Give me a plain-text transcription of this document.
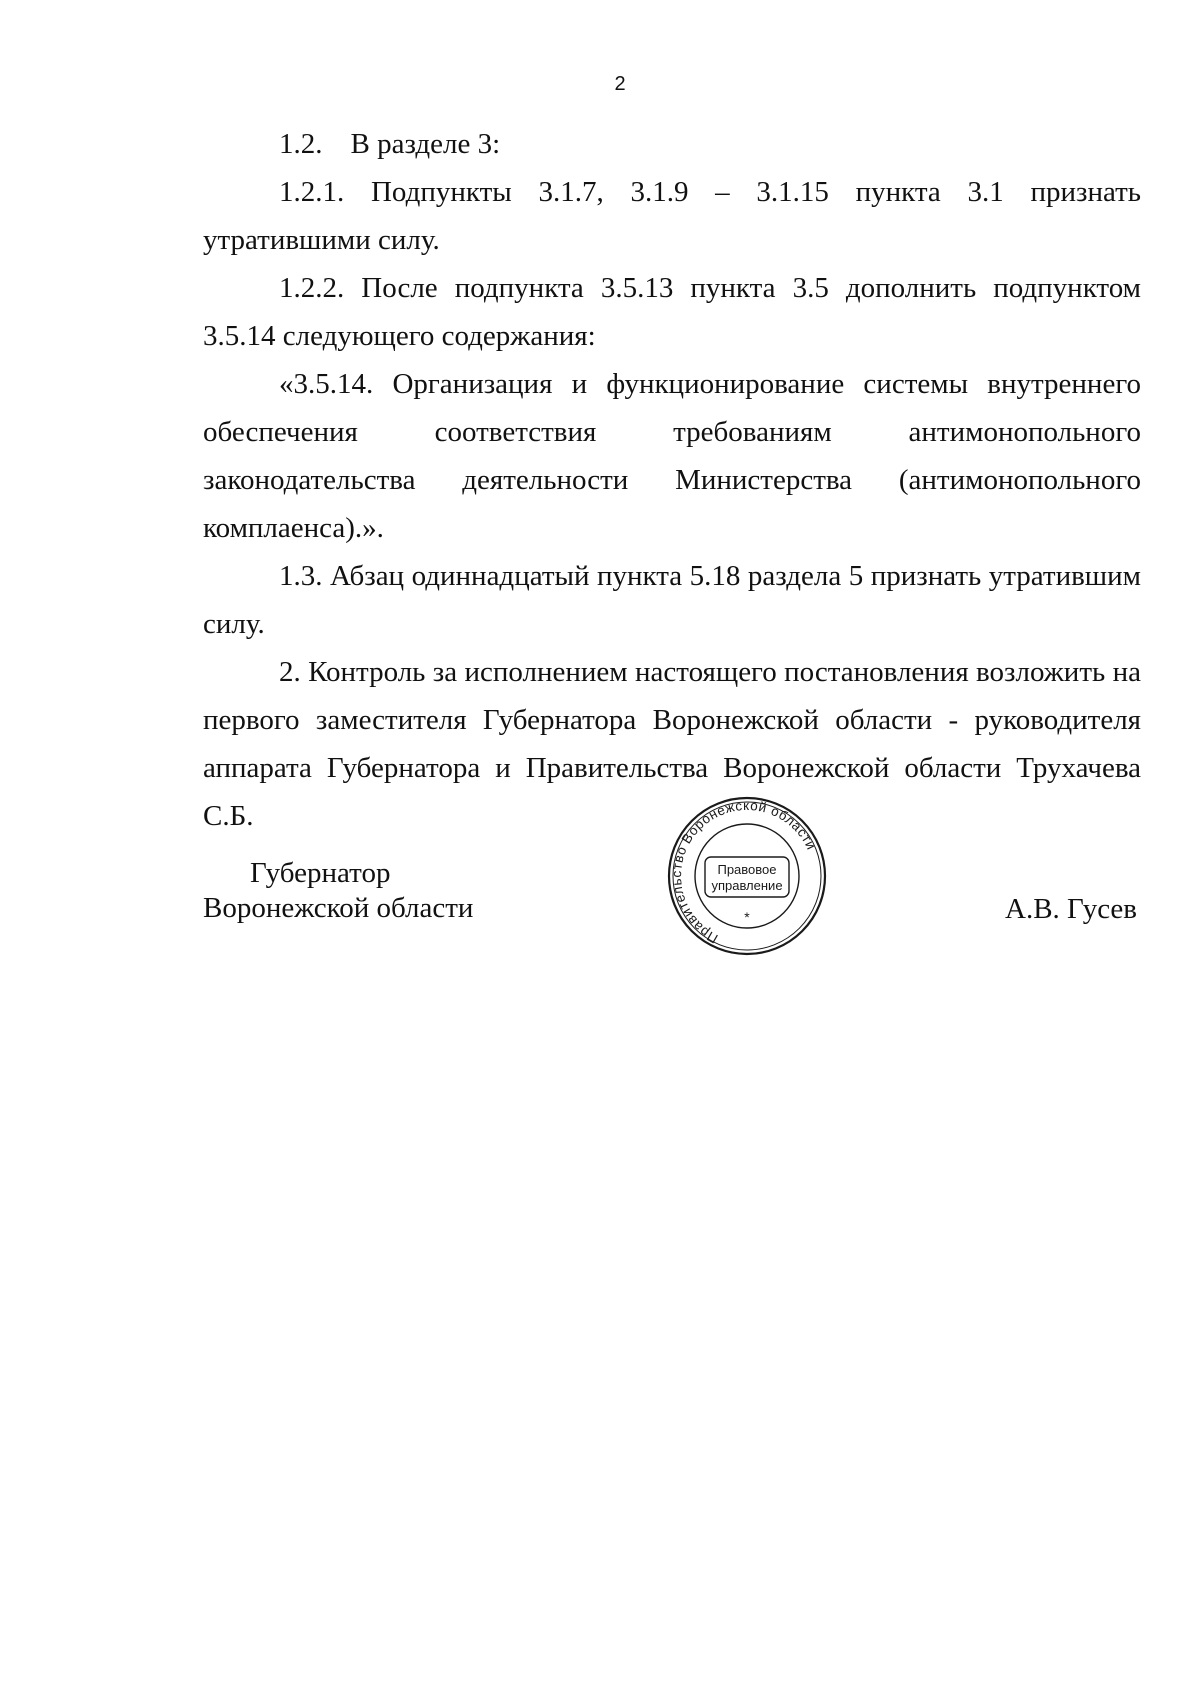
2

1.2. В разделе 3:

1.2.1. Подпункты 3.1.7, 3.1.9 – 3.1.15 пункта 3.1 признать утратившими силу.

1.2.2. После подпункта 3.5.13 пункта 3.5 дополнить подпунктом 3.5.14 следующего содержания:

«3.5.14. Организация и функционирование системы внутреннего обеспечения соответствия требованиям антимонопольного законодательства деятельности Министерства (антимонопольного комплаенса).».

1.3. Абзац одиннадцатый пункта 5.18 раздела 5 признать утратившим силу.

2. Контроль за исполнением настоящего постановления возложить на первого заместителя Губернатора Воронежской области - руководителя аппарата Губернатора и Правительства Воронежской области Трухачева С.Б.

Губернатор
Воронежской области	А.В. Гусев
Правительство Воронежской области
Правовое
управление
*
